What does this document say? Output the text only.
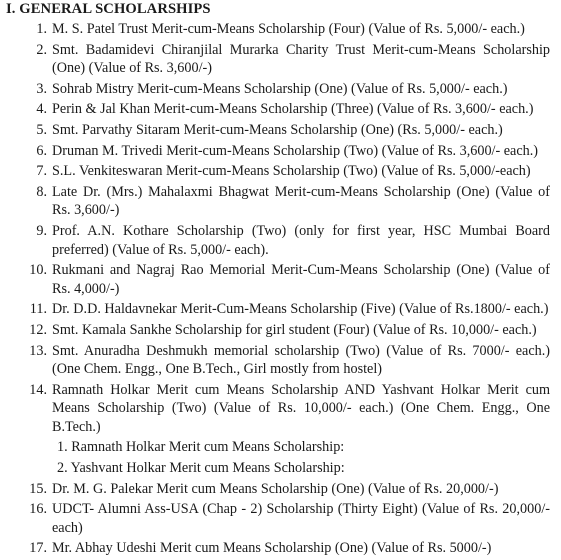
I. GENERAL SCHOLARSHIPS
1. M. S. Patel Trust Merit-cum-Means Scholarship (Four) (Value of Rs. 5,000/- each.)
2. Smt. Badamidevi Chiranjilal Murarka Charity Trust Merit-cum-Means Scholarship (One) (Value of Rs. 3,600/-)
3. Sohrab Mistry Merit-cum-Means Scholarship (One) (Value of Rs. 5,000/- each.)
4. Perin & Jal Khan Merit-cum-Means Scholarship (Three) (Value of Rs. 3,600/- each.)
5. Smt. Parvathy Sitaram Merit-cum-Means Scholarship (One) (Rs. 5,000/- each.)
6. Druman M. Trivedi Merit-cum-Means Scholarship (Two) (Value of Rs. 3,600/- each.)
7. S.L. Venkiteswaran Merit-cum-Means Scholarship (Two) (Value of Rs. 5,000/-each)
8. Late Dr. (Mrs.) Mahalaxmi Bhagwat Merit-cum-Means Scholarship (One) (Value of Rs. 3,600/-)
9. Prof. A.N. Kothare Scholarship (Two) (only for first year, HSC Mumbai Board preferred) (Value of Rs. 5,000/- each).
10. Rukmani and Nagraj Rao Memorial Merit-Cum-Means Scholarship (One) (Value of Rs. 4,000/-)
11. Dr. D.D. Haldavnekar Merit-Cum-Means Scholarship (Five) (Value of Rs.1800/- each.)
12. Smt. Kamala Sankhe Scholarship for girl student (Four) (Value of Rs. 10,000/- each.)
13. Smt. Anuradha Deshmukh memorial scholarship (Two) (Value of Rs. 7000/- each.) (One Chem. Engg., One B.Tech., Girl mostly from hostel)
14. Ramnath Holkar Merit cum Means Scholarship AND Yashvant Holkar Merit cum Means Scholarship (Two) (Value of Rs. 10,000/- each.) (One Chem. Engg., One B.Tech.)
1. Ramnath Holkar Merit cum Means Scholarship:
2. Yashvant Holkar Merit cum Means Scholarship:
15. Dr. M. G. Palekar Merit cum Means Scholarship (One) (Value of Rs. 20,000/-)
16. UDCT- Alumni Ass-USA (Chap - 2) Scholarship (Thirty Eight) (Value of Rs. 20,000/- each)
17. Mr. Abhay Udeshi Merit cum Means Scholarship (One) (Value of Rs. 5000/-)
